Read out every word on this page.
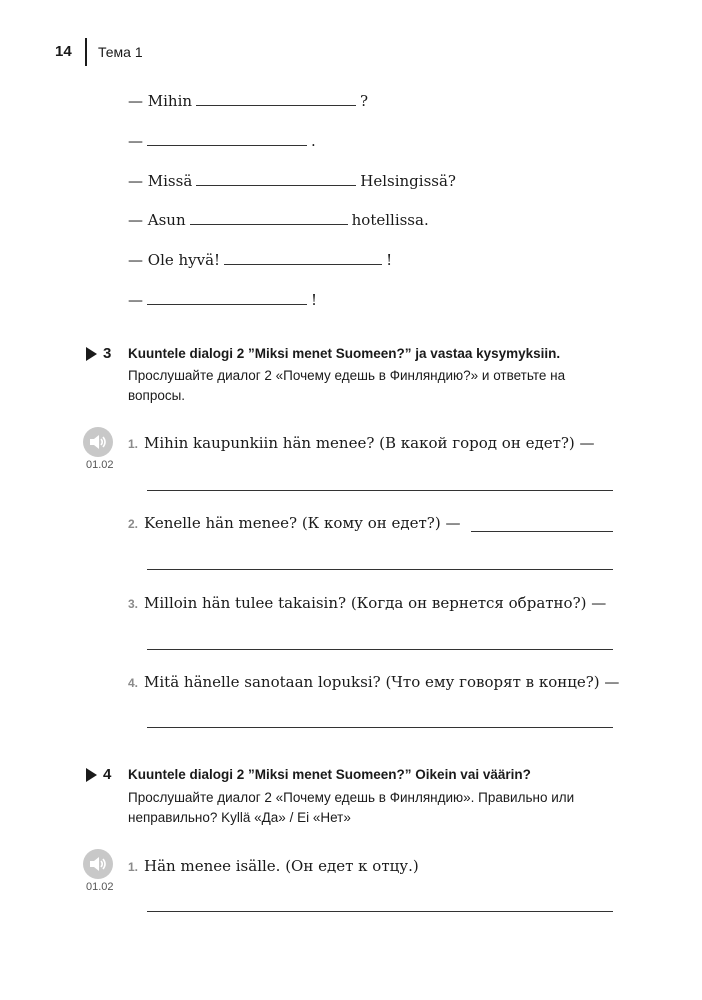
14 Тема 1
— Mihin	?
—	.
— Missä	Helsingissä?
— Asun	hotellissa.
— Ole hyvä!	!
—	!
3 Kuuntele dialogi 2 ”Miksi menet Suomeen?” ja vastaa kysymyksiin.
Прослушайте диалог 2 «Почему едешь в Финляндию?» и ответьте на вопросы.
01.02
1. Mihin kaupunkiin hän menee? (В какой город он едет?) —
2. Kenelle hän menee? (К кому он едет?) —
3. Milloin hän tulee takaisin? (Когда он вернется обратно?) —
4. Mitä hänelle sanotaan lopuksi? (Что ему говорят в конце?) —
4 Kuuntele dialogi 2 ”Miksi menet Suomeen?” Oikein vai väärin?
Прослушайте диалог 2 «Почему едешь в Финляндию». Правильно или неправильно? Kyllä «Да» / Ei «Нет»
01.02
1. Hän menee isälle. (Он едет к отцу.)
